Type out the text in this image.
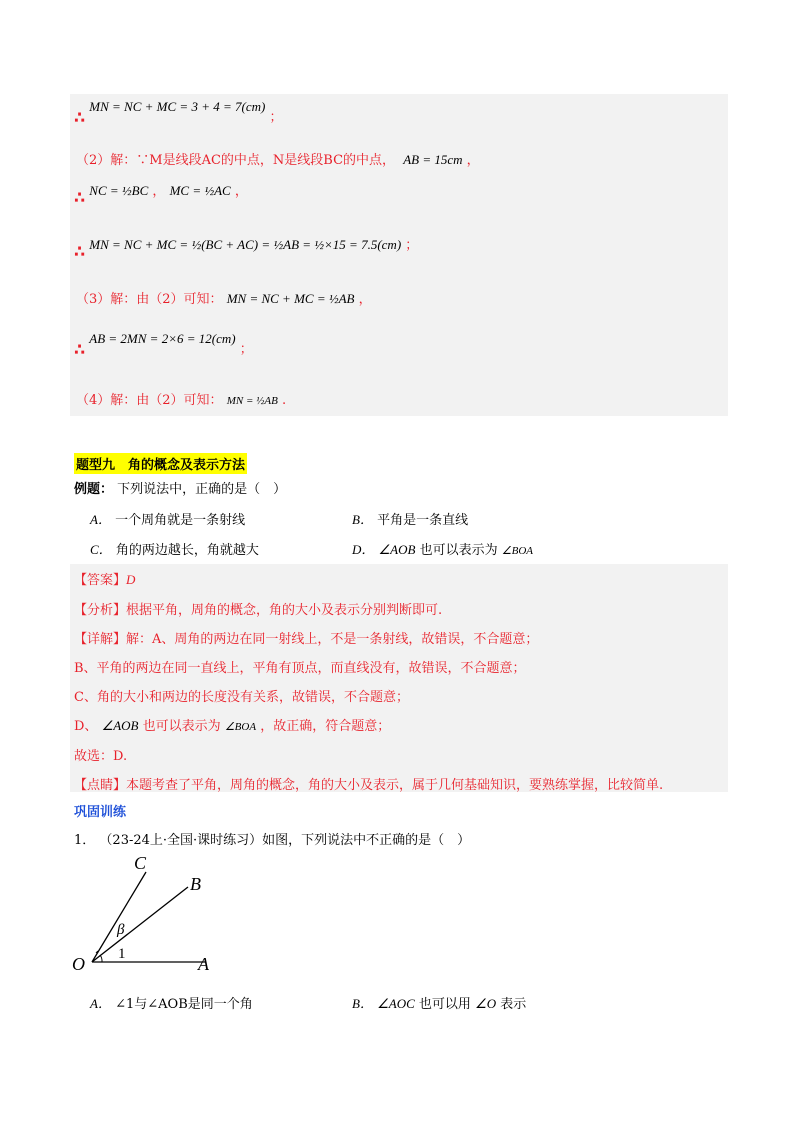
∴ MN = NC + MC = 3 + 4 = 7(cm) ；
（2）解：∵M是线段AC的中点，N是线段BC的中点， AB = 15cm ，
∴ NC = ½BC ， MC = ½AC ，
∴ MN = NC + MC = ½(BC + AC) = ½AB = ½×15 = 7.5(cm) ；
（3）解：由（2）可知： MN = NC + MC = ½AB ，
∴ AB = 2MN = 2×6 = 12(cm) ；
（4）解：由（2）可知： MN = ½AB .
题型九　角的概念及表示方法
例题： 下列说法中，正确的是（　）
A． 一个周角就是一条射线	B． 平角是一条直线
C． 角的两边越长，角就越大	D． ∠AOB 也可以表示为 ∠BOA
【答案】D
【分析】根据平角，周角的概念，角的大小及表示分别判断即可.
【详解】解：A、周角的两边在同一射线上，不是一条射线，故错误，不合题意；
B、平角的两边在同一直线上，平角有顶点，而直线没有，故错误，不合题意；
C、角的大小和两边的长度没有关系，故错误，不合题意；
D、 ∠AOB 也可以表示为 ∠BOA ，故正确，符合题意；
故选：D.
【点睛】本题考查了平角，周角的概念，角的大小及表示，属于几何基础知识，要熟练掌握，比较简单.
巩固训练
1． （23-24上·全国·课时练习）如图，下列说法中不正确的是（　）
C
B
O	A
β
1
A． ∠1与∠AOB是同一个角	B． ∠AOC 也可以用 ∠O 表示
